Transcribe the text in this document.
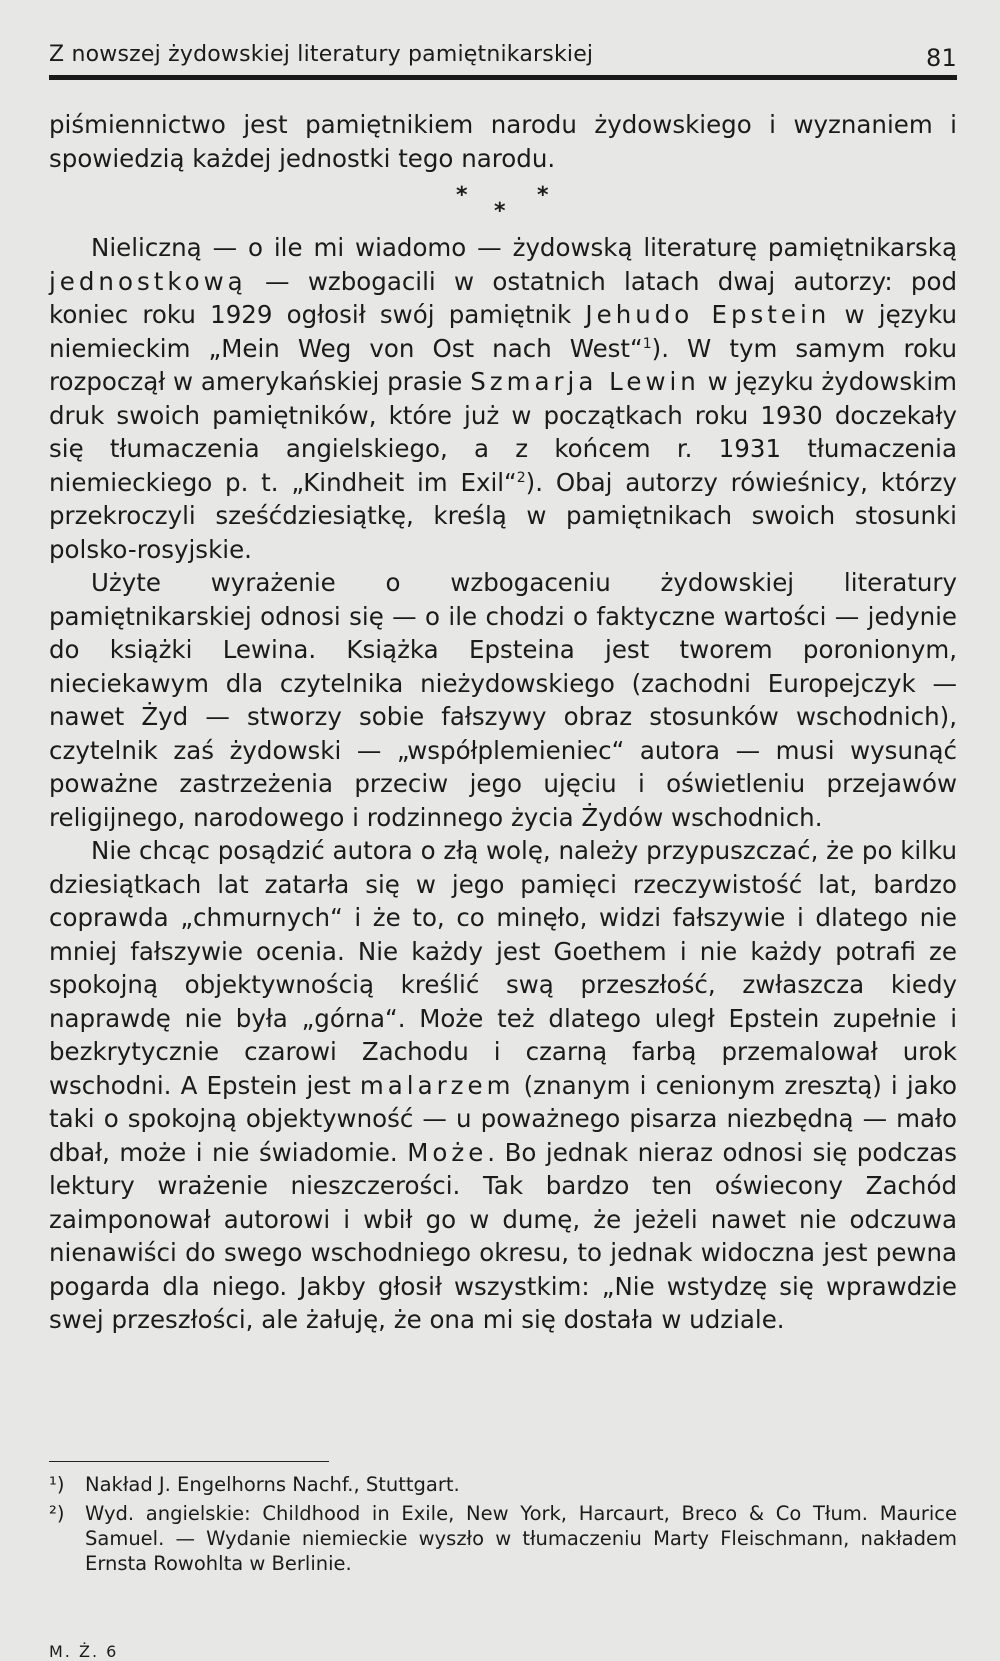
Z nowszej żydowskiej literatury pamiętnikarskiej	81

piśmiennictwo jest pamiętnikiem narodu żydowskiego i wyznaniem i spowiedzią każdej jednostki tego narodu.

*
*
*

Nieliczną — o ile mi wiadomo — żydowską literaturę pamiętnikarską jednostkową — wzbogacili w ostatnich latach dwaj autorzy: pod koniec roku 1929 ogłosił swój pamiętnik Jehudo Epstein w języku niemieckim „Mein Weg von Ost nach West“$^1$). W tym samym roku rozpoczął w amerykańskiej prasie Szmarja Lewin w języku żydowskim druk swoich pamiętników, które już w początkach roku 1930 doczekały się tłumaczenia angielskiego, a z końcem r. 1931 tłumaczenia niemieckiego p. t. „Kindheit im Exil“$^2$). Obaj autorzy rówieśnicy, którzy przekroczyli sześćdziesiątkę, kreślą w pamiętnikach swoich stosunki polsko-rosyjskie.

Użyte wyrażenie o wzbogaceniu żydowskiej literatury pamiętnikarskiej odnosi się — o ile chodzi o faktyczne wartości — jedynie do książki Lewina. Książka Epsteina jest tworem poronionym, nieciekawym dla czytelnika nieżydowskiego (zachodni Europejczyk — nawet Żyd — stworzy sobie fałszywy obraz stosunków wschodnich), czytelnik zaś żydowski — „współplemieniec“ autora — musi wysunąć poważne zastrzeżenia przeciw jego ujęciu i oświetleniu przejawów religijnego, narodowego i rodzinnego życia Żydów wschodnich.

Nie chcąc posądzić autora o złą wolę, należy przypuszczać, że po kilku dziesiątkach lat zatarła się w jego pamięci rzeczywistość lat, bardzo coprawda „chmurnych“ i że to, co minęło, widzi fałszywie i dlatego nie mniej fałszywie ocenia. Nie każdy jest Goethem i nie każdy potrafi ze spokojną objektywnością kreślić swą przeszłość, zwłaszcza kiedy naprawdę nie była „górna“. Może też dlatego uległ Epstein zupełnie i bezkrytycznie czarowi Zachodu i czarną farbą przemalował urok wschodni. A Epstein jest malarzem (znanym i cenionym zresztą) i jako taki o spokojną objektywność — u poważnego pisarza niezbędną — mało dbał, może i nie świadomie. Może. Bo jednak nieraz odnosi się podczas lektury wrażenie nieszczerości. Tak bardzo ten oświecony Zachód zaimponował autorowi i wbił go w dumę, że jeżeli nawet nie odczuwa nienawiści do swego wschodniego okresu, to jednak widoczna jest pewna pogarda dla niego. Jakby głosił wszystkim: „Nie wstydzę się wprawdzie swej przeszłości, ale żałuję, że ona mi się dostała w udziale.

¹) Nakład J. Engelhorns Nachf., Stuttgart.
²) Wyd. angielskie: Childhood in Exile, New York, Harcaurt, Breco & Co Tłum. Maurice Samuel. — Wydanie niemieckie wyszło w tłumaczeniu Marty Fleischmann, nakładem Ernsta Rowohlta w Berlinie.
M. Ż. 6
